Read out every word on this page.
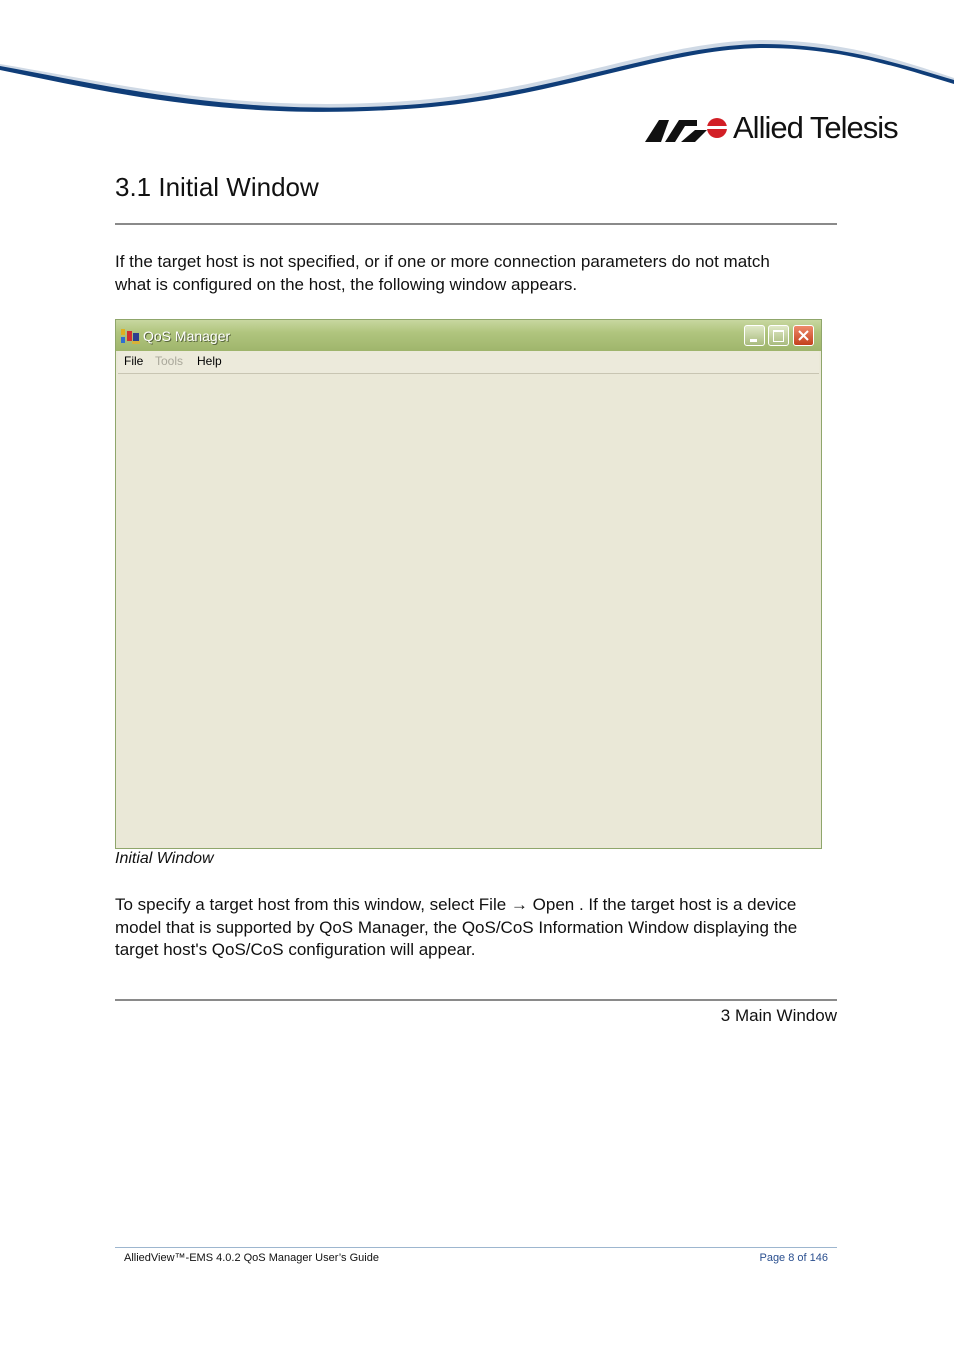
Allied Telesis
3.1 Initial Window
If the target host is not specified, or if one or more connection parameters do not match
what is configured on the host, the following window appears.
QoS Manager
File Tools Help
Initial Window
To specify a target host from this window, select File → Open . If the target host is a device
model that is supported by QoS Manager, the QoS/CoS Information Window displaying the
target host's QoS/CoS configuration will appear.
3 Main Window
AlliedView™-EMS 4.0.2 QoS Manager User’s Guide	Page 8 of 146
